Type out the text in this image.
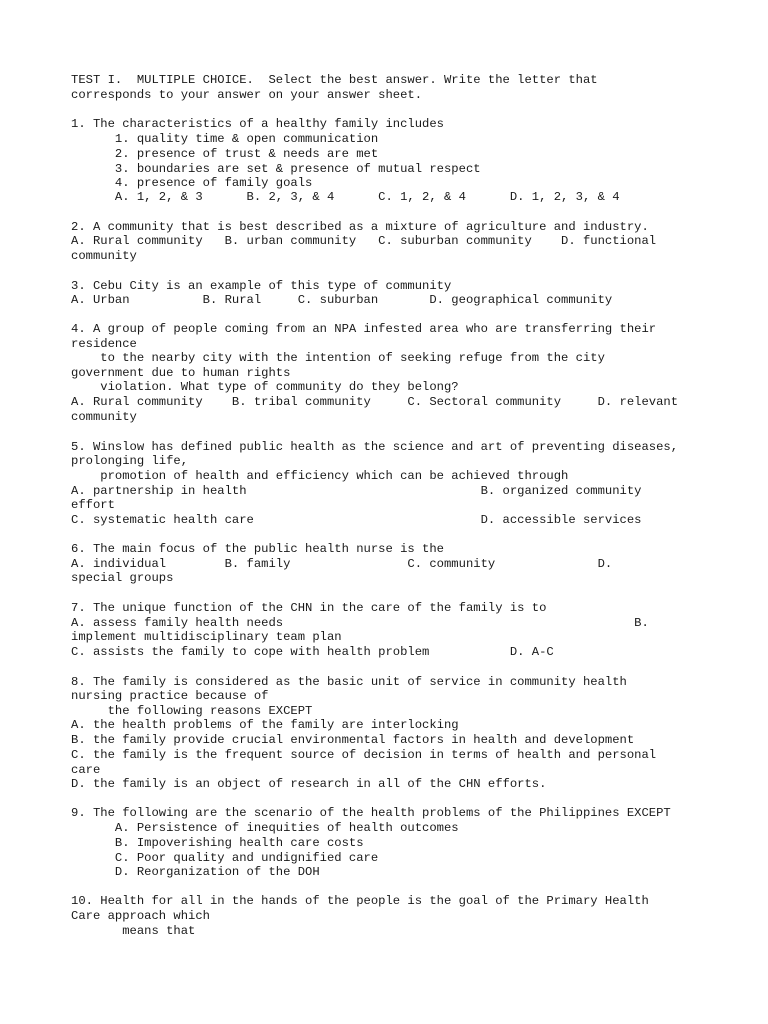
TEST I.  MULTIPLE CHOICE.  Select the best answer. Write the letter that

corresponds to your answer on your answer sheet.

1. The characteristics of a healthy family includes

1. quality time & open communication

2. presence of trust & needs are met

3. boundaries are set & presence of mutual respect

4. presence of family goals

A. 1, 2, & 3      B. 2, 3, & 4      C. 1, 2, & 4      D. 1, 2, 3, & 4

2. A community that is best described as a mixture of agriculture and industry.

A. Rural community   B. urban community   C. suburban community    D. functional

community

3. Cebu City is an example of this type of community

A. Urban          B. Rural     C. suburban       D. geographical community

4. A group of people coming from an NPA infested area who are transferring their

residence

to the nearby city with the intention of seeking refuge from the city

government due to human rights

violation. What type of community do they belong?

A. Rural community    B. tribal community     C. Sectoral community     D. relevant

community

5. Winslow has defined public health as the science and art of preventing diseases,

prolonging life,

promotion of health and efficiency which can be achieved through

A. partnership in health                                B. organized community

effort

C. systematic health care                               D. accessible services

6. The main focus of the public health nurse is the

A. individual        B. family                C. community              D.

special groups

7. The unique function of the CHN in the care of the family is to

A. assess family health needs                                                B.

implement multidisciplinary team plan

C. assists the family to cope with health problem           D. A-C

8. The family is considered as the basic unit of service in community health

nursing practice because of

the following reasons EXCEPT

A. the health problems of the family are interlocking

B. the family provide crucial environmental factors in health and development

C. the family is the frequent source of decision in terms of health and personal

care

D. the family is an object of research in all of the CHN efforts.

9. The following are the scenario of the health problems of the Philippines EXCEPT

A. Persistence of inequities of health outcomes

B. Impoverishing health care costs

C. Poor quality and undignified care

D. Reorganization of the DOH

10. Health for all in the hands of the people is the goal of the Primary Health

Care approach which

means that
